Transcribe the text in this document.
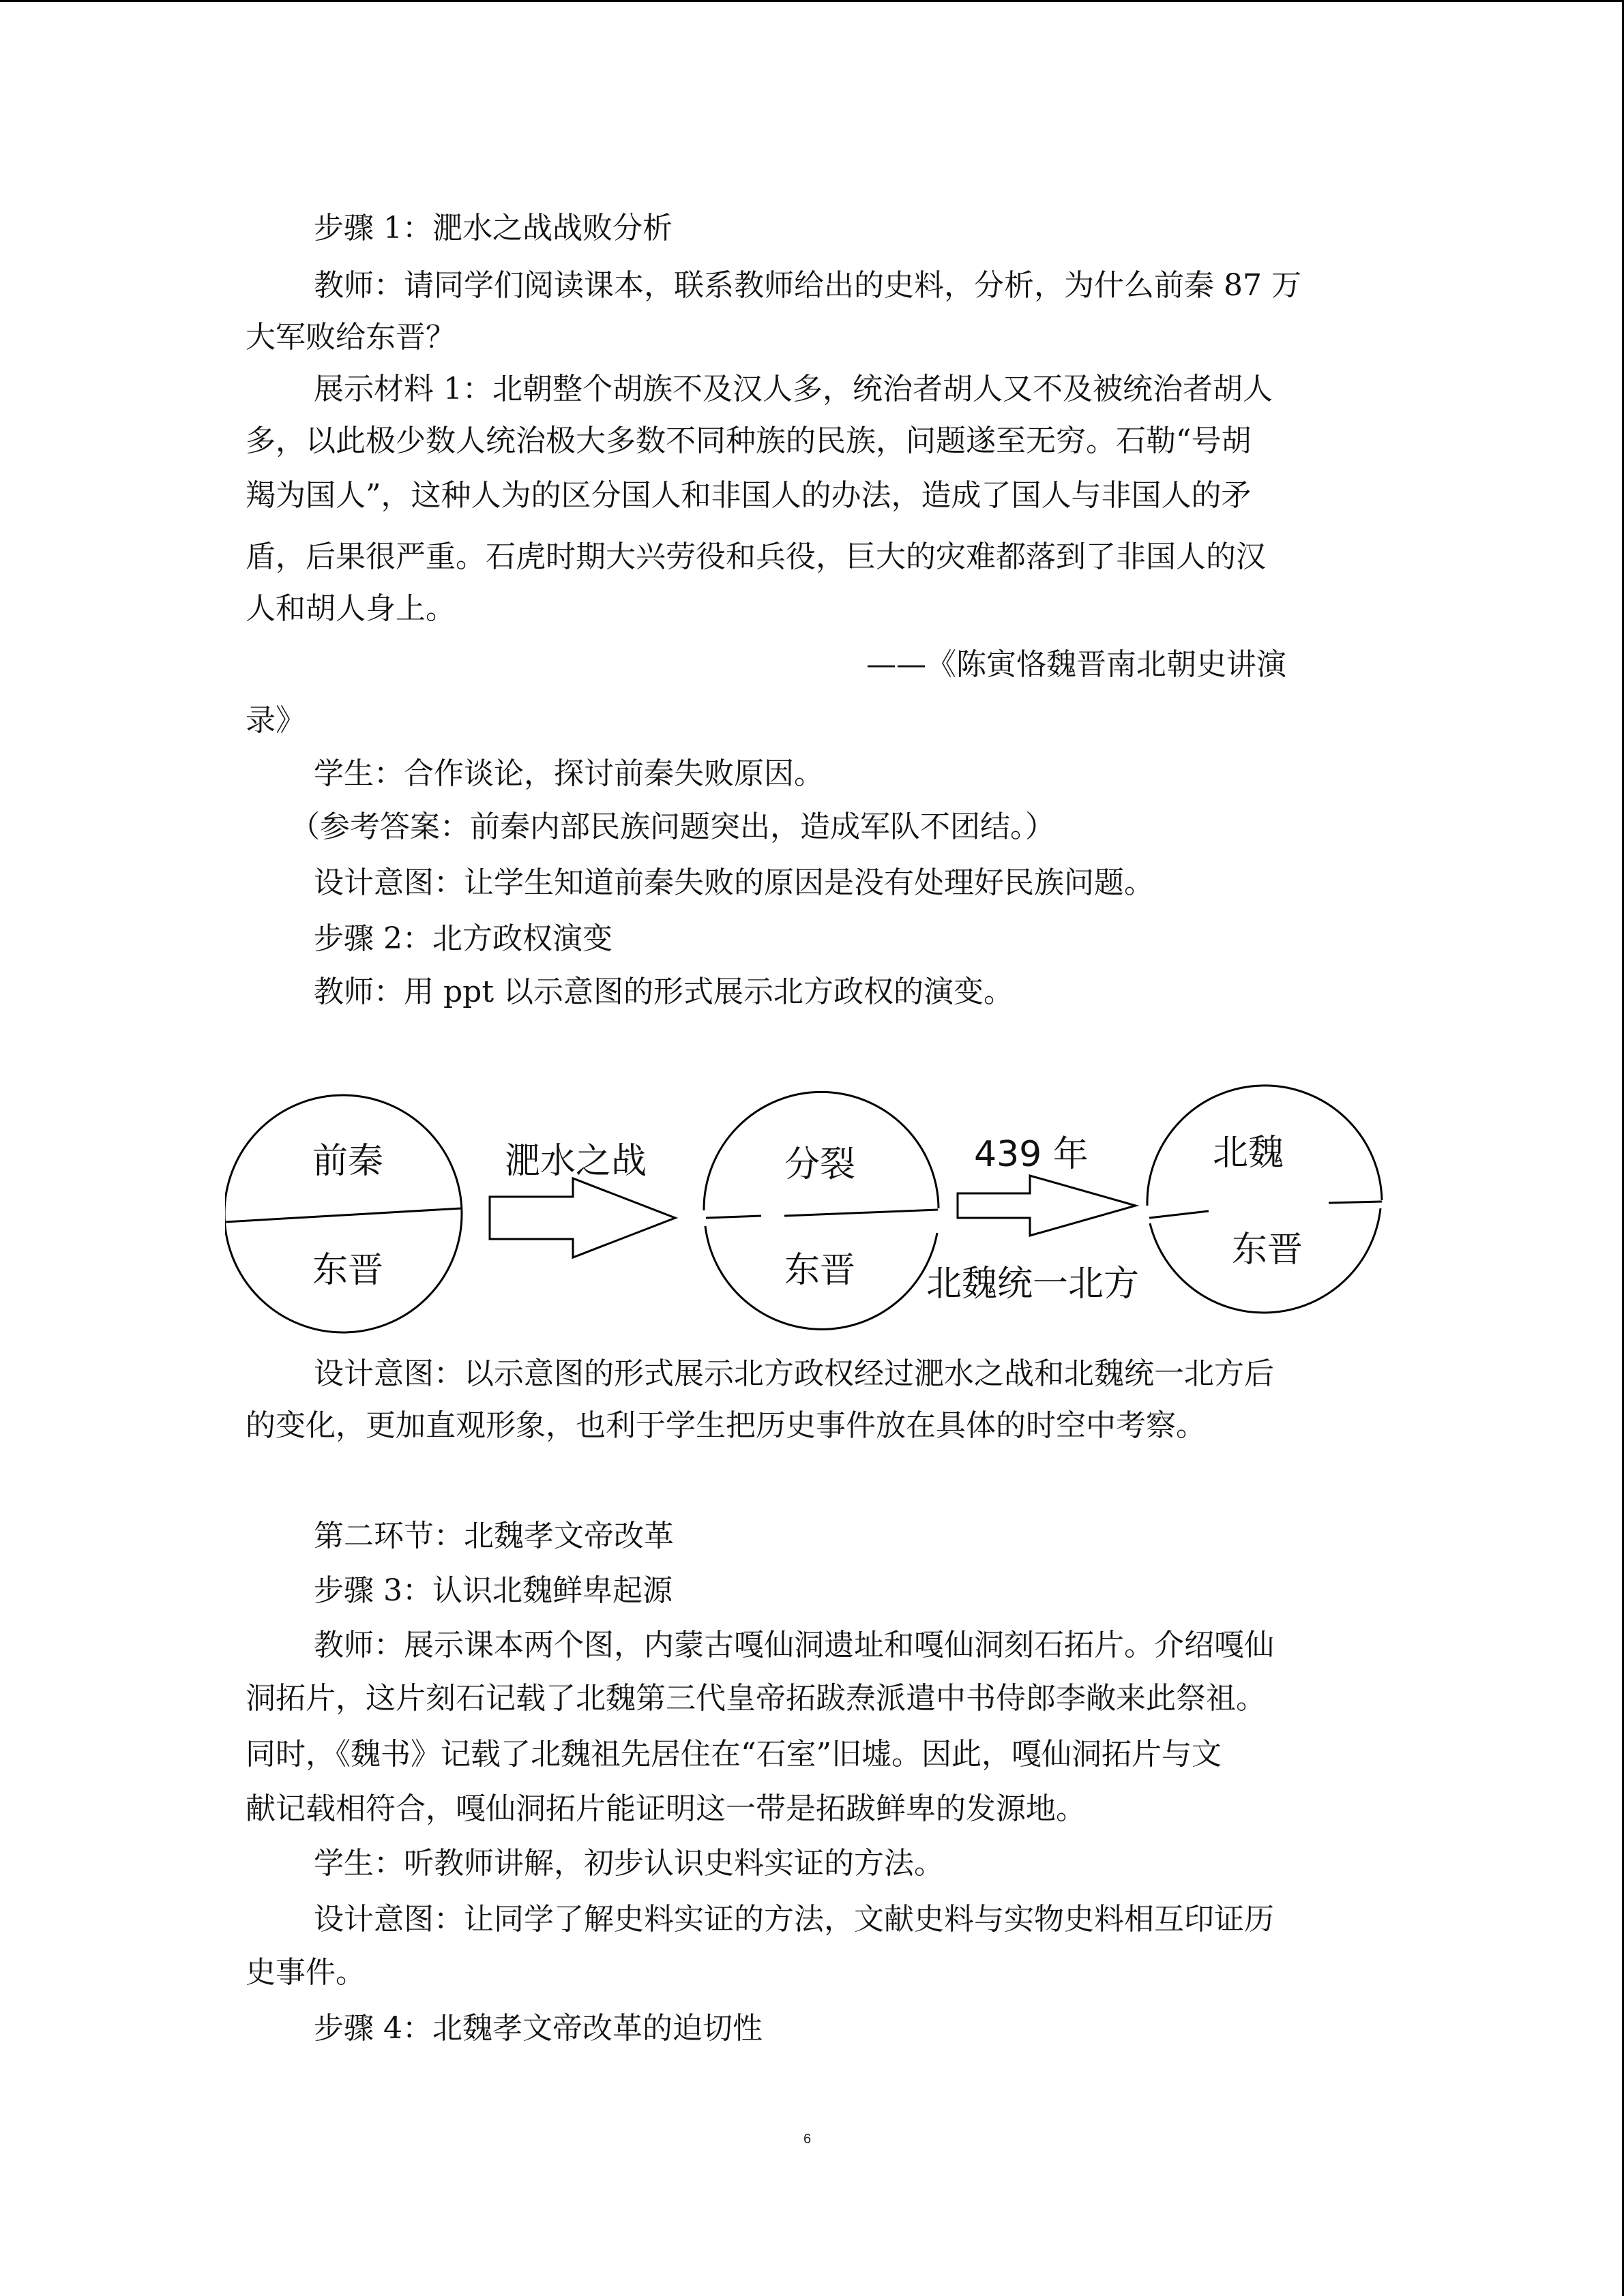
步骤 1：淝水之战战败分析
教师：请同学们阅读课本，联系教师给出的史料，分析，为什么前秦 87 万
大军败给东晋？
展示材料 1：北朝整个胡族不及汉人多，统治者胡人又不及被统治者胡人
多，以此极少数人统治极大多数不同种族的民族，问题遂至无穷。石勒“号胡
羯为国人”，这种人为的区分国人和非国人的办法，造成了国人与非国人的矛
盾，后果很严重。石虎时期大兴劳役和兵役，巨大的灾难都落到了非国人的汉
人和胡人身上。
——《陈寅恪魏晋南北朝史讲演
录》
学生：合作谈论，探讨前秦失败原因。
（参考答案：前秦内部民族问题突出，造成军队不团结。）
设计意图：让学生知道前秦失败的原因是没有处理好民族问题。
步骤 2：北方政权演变
教师：用 ppt 以示意图的形式展示北方政权的演变。
前秦
东晋
淝水之战	分裂
东晋
439 年
北魏统一北方
北魏
东晋
设计意图：以示意图的形式展示北方政权经过淝水之战和北魏统一北方后
的变化，更加直观形象，也利于学生把历史事件放在具体的时空中考察。
第二环节：北魏孝文帝改革
步骤 3：认识北魏鲜卑起源
教师：展示课本两个图，内蒙古嘎仙洞遗址和嘎仙洞刻石拓片。介绍嘎仙
洞拓片，这片刻石记载了北魏第三代皇帝拓跋焘派遣中书侍郎李敞来此祭祖。
同时，《魏书》记载了北魏祖先居住在“石室”旧墟。因此，嘎仙洞拓片与文
献记载相符合，嘎仙洞拓片能证明这一带是拓跋鲜卑的发源地。
学生：听教师讲解，初步认识史料实证的方法。
设计意图：让同学了解史料实证的方法，文献史料与实物史料相互印证历
史事件。
步骤 4：北魏孝文帝改革的迫切性
6
